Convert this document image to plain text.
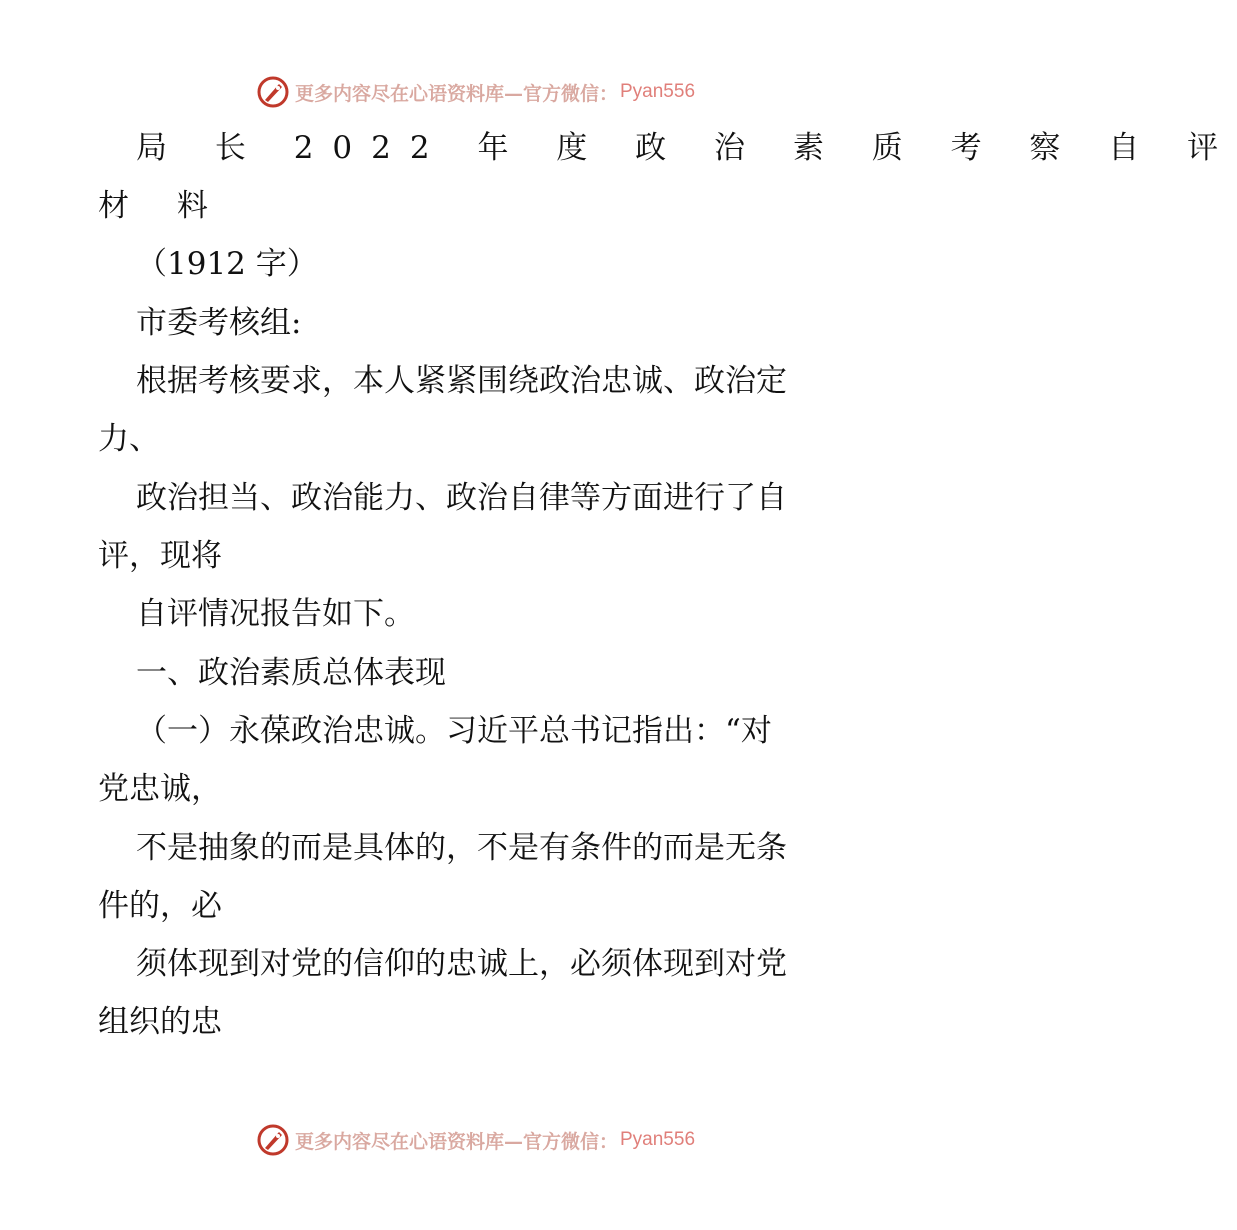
更多内容尽在心语资料库—官方微信： Pyan556
局 长 2022 年 度 政 治 素 质 考 察 自 评
材 料
（1912 字）
市委考核组:
根据考核要求，本人紧紧围绕政治忠诚、政治定
力、
政治担当、政治能力、政治自律等方面进行了自
评，现将
自评情况报告如下。
一、政治素质总体表现
（一）永葆政治忠诚。习近平总书记指出：“对
党忠诚，
不是抽象的而是具体的，不是有条件的而是无条
件的，必
须体现到对党的信仰的忠诚上，必须体现到对党
组织的忠
更多内容尽在心语资料库—官方微信： Pyan556
